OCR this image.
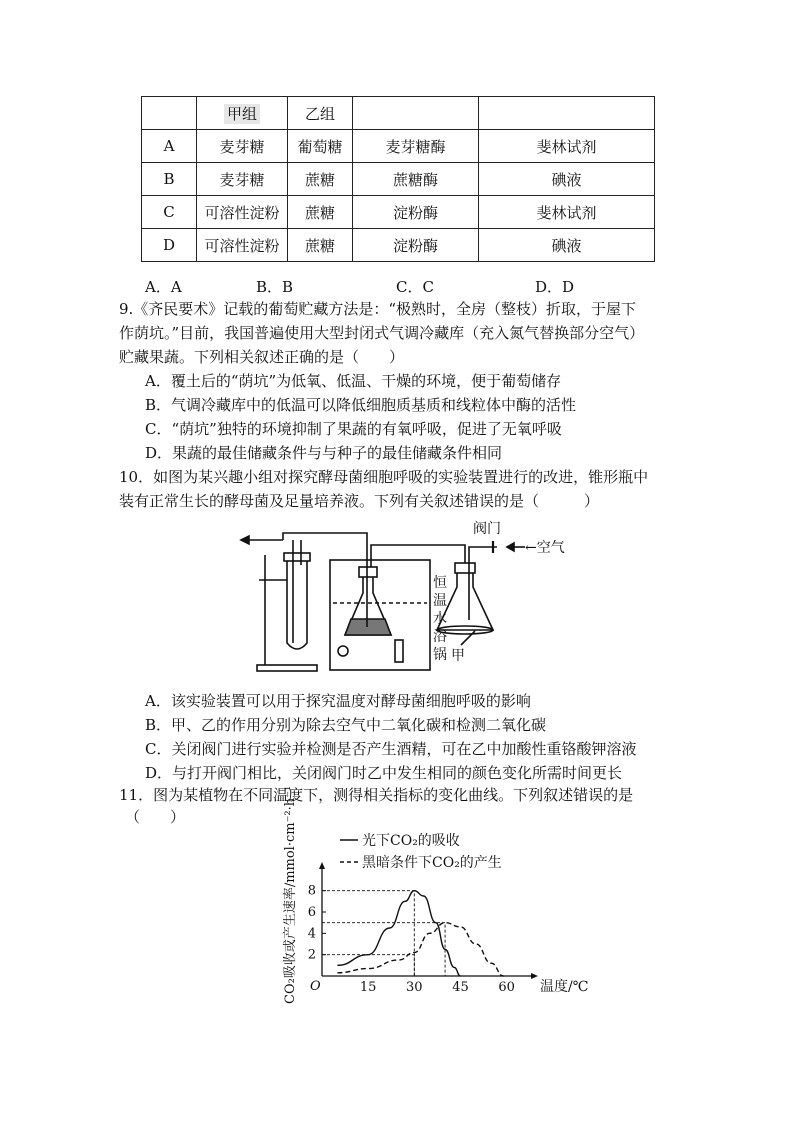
	甲组	乙组		
A	麦芽糖	葡萄糖	麦芽糖酶	斐林试剂
B	麦芽糖	蔗糖	蔗糖酶	碘液
C	可溶性淀粉	蔗糖	淀粉酶	斐林试剂
D	可溶性淀粉	蔗糖	淀粉酶	碘液
A．A	B．B	C．C	D．D
9.《齐民要术》记载的葡萄贮藏方法是：“极熟时，全房（整枝）折取，于屋下
作荫坑。”目前，我国普遍使用大型封闭式气调冷藏库（充入氮气替换部分空气）
贮藏果蔬。下列相关叙述正确的是（　　）
A．覆土后的“荫坑”为低氧、低温、干燥的环境，便于葡萄储存
B．气调冷藏库中的低温可以降低细胞质基质和线粒体中酶的活性
C．“荫坑”独特的环境抑制了果蔬的有氧呼吸，促进了无氧呼吸
D．果蔬的最佳储藏条件与与种子的最佳储藏条件相同
10．如图为某兴趣小组对探究酵母菌细胞呼吸的实验装置进行的改进，锥形瓶中
装有正常生长的酵母菌及足量培养液。下列有关叙述错误的是（　　　）
阀门
←空气
恒
温
水
浴
锅 甲
A．该实验装置可以用于探究温度对酵母菌细胞呼吸的影响
B．甲、乙的作用分别为除去空气中二氧化碳和检测二氧化碳
C．关闭阀门进行实验并检测是否产生酒精，可在乙中加酸性重铬酸钾溶液
D．与打开阀门相比，关闭阀门时乙中发生相同的颜色变化所需时间更长
11．图为某植物在不同温度下，测得相关指标的变化曲线。下列叙述错误的是
（　　）
光下CO₂的吸收
黑暗条件下CO₂的产生
CO₂吸收或产生速率/mmol·cm⁻²·h⁻¹ O	15 30 45 60
2
4
6
8
温度/℃
